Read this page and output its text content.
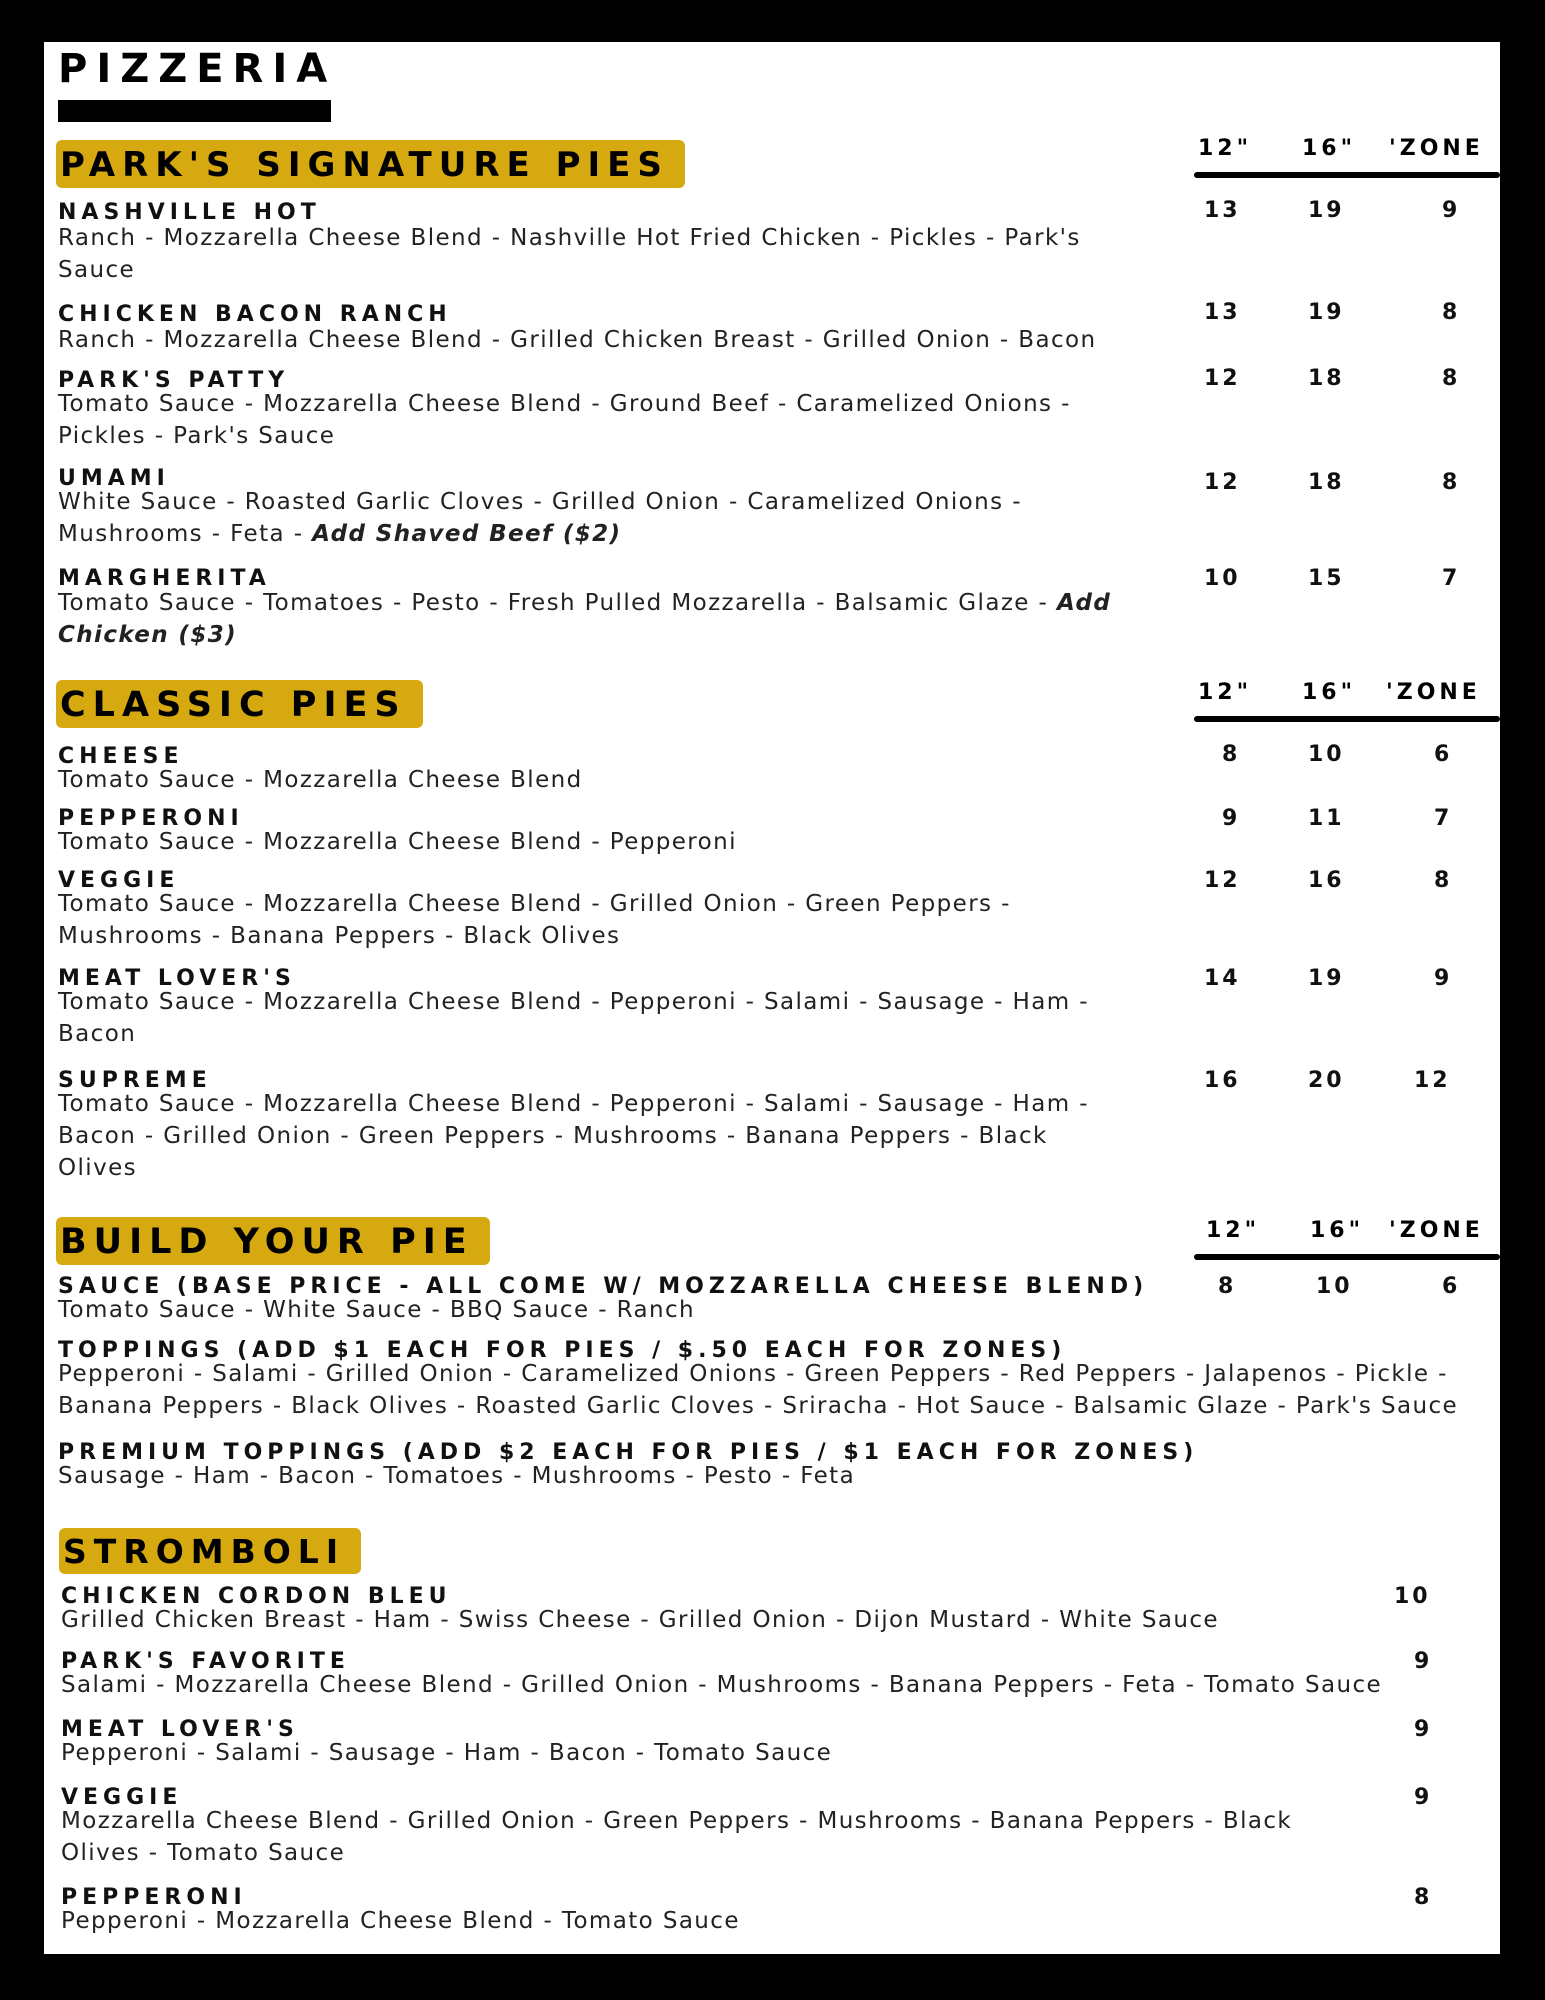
PIZZERIA
PARK'S SIGNATURE PIES	12" 16" 'ZONE
NASHVILLE HOT
Ranch - Mozzarella Cheese Blend - Nashville Hot Fried Chicken - Pickles - Park's Sauce
13	19	9
CHICKEN BACON RANCH
Ranch - Mozzarella Cheese Blend - Grilled Chicken Breast - Grilled Onion - Bacon
13	19	8
PARK'S PATTY
Tomato Sauce - Mozzarella Cheese Blend - Ground Beef - Caramelized Onions - Pickles - Park's Sauce
12	18	8
UMAMI
White Sauce - Roasted Garlic Cloves - Grilled Onion - Caramelized Onions - Mushrooms - Feta - Add Shaved Beef ($2)
12	18	8
MARGHERITA
Tomato Sauce - Tomatoes - Pesto - Fresh Pulled Mozzarella - Balsamic Glaze - Add Chicken ($3)
10	15	7
CLASSIC PIES	12" 16" 'ZONE
CHEESE
Tomato Sauce - Mozzarella Cheese Blend
8	10	6
PEPPERONI
Tomato Sauce - Mozzarella Cheese Blend - Pepperoni
9	11	7
VEGGIE
Tomato Sauce - Mozzarella Cheese Blend - Grilled Onion - Green Peppers - Mushrooms - Banana Peppers - Black Olives
12	16	8
MEAT LOVER'S
Tomato Sauce - Mozzarella Cheese Blend - Pepperoni - Salami - Sausage - Ham - Bacon
14	19	9
SUPREME
Tomato Sauce - Mozzarella Cheese Blend - Pepperoni - Salami - Sausage - Ham - Bacon - Grilled Onion - Green Peppers - Mushrooms - Banana Peppers - Black Olives
16	20	12
BUILD YOUR PIE	12" 16" 'ZONE
SAUCE (BASE PRICE - ALL COME W/ MOZZARELLA CHEESE BLEND)
Tomato Sauce - White Sauce - BBQ Sauce - Ranch
8	10	6
TOPPINGS (ADD $1 EACH FOR PIES / $.50 EACH FOR ZONES)
Pepperoni - Salami - Grilled Onion - Caramelized Onions - Green Peppers - Red Peppers - Jalapenos - Pickle - Banana Peppers - Black Olives - Roasted Garlic Cloves - Sriracha - Hot Sauce - Balsamic Glaze - Park's Sauce
PREMIUM TOPPINGS (ADD $2 EACH FOR PIES / $1 EACH FOR ZONES)
Sausage - Ham - Bacon - Tomatoes - Mushrooms - Pesto - Feta
STROMBOLI
CHICKEN CORDON BLEU
Grilled Chicken Breast - Ham - Swiss Cheese - Grilled Onion - Dijon Mustard - White Sauce
10
PARK'S FAVORITE
Salami - Mozzarella Cheese Blend - Grilled Onion - Mushrooms - Banana Peppers - Feta - Tomato Sauce
9
MEAT LOVER'S
Pepperoni - Salami - Sausage - Ham - Bacon - Tomato Sauce
9
VEGGIE
Mozzarella Cheese Blend - Grilled Onion - Green Peppers - Mushrooms - Banana Peppers - Black Olives - Tomato Sauce
9
PEPPERONI
Pepperoni - Mozzarella Cheese Blend - Tomato Sauce
8
